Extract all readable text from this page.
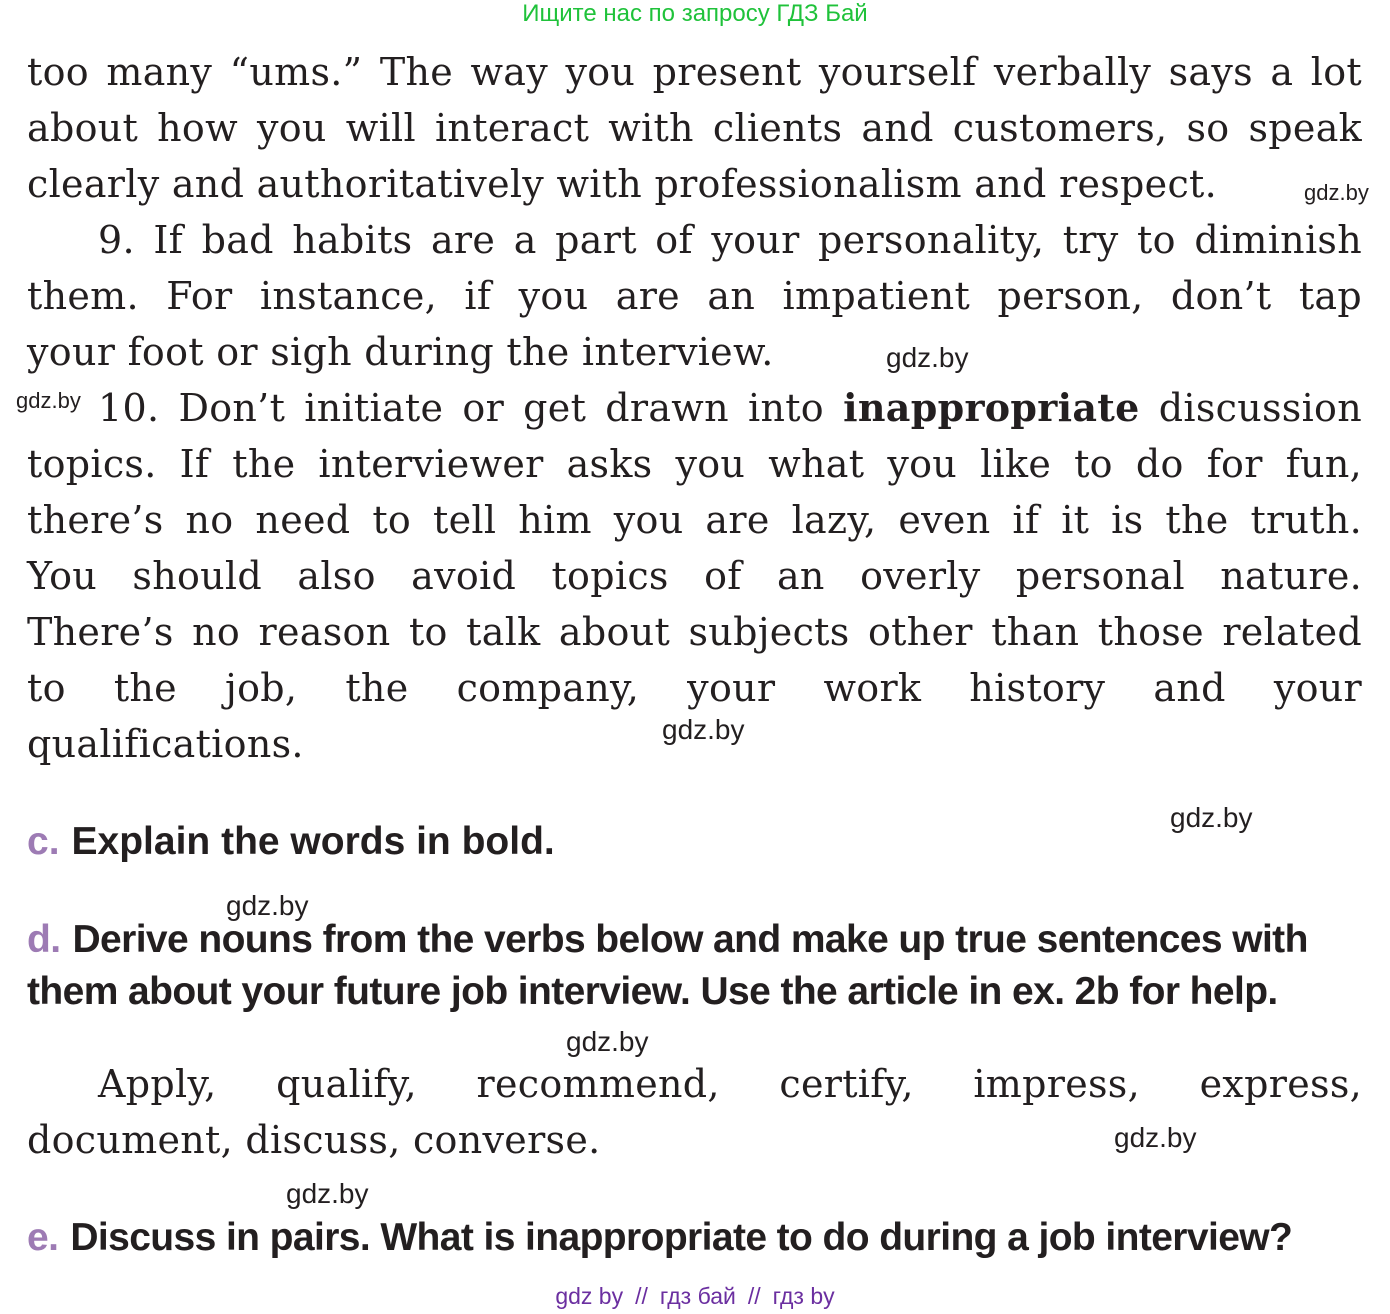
Ищите нас по запросу ГДЗ Бай
too many “ums.” The way you present yourself verbally says a lot
about how you will interact with clients and customers, so speak
clearly and authoritatively with professionalism and respect.	gdz.by
9. If bad habits are a part of your personality, try to diminish
them. For instance, if you are an impatient person, don’t tap
your foot or sigh during the interview.	gdz.by
gdz.by 10. Don’t initiate or get drawn into inappropriate discussion
topics. If the interviewer asks you what you like to do for fun,
there’s no need to tell him you are lazy, even if it is the truth.
You should also avoid topics of an overly personal nature.
There’s no reason to talk about subjects other than those related
to the job, the company, your work history and your
qualifications.	gdz.by
gdz.by
c. Explain the words in bold.
gdz.by
d. Derive nouns from the verbs below and make up true sentences with
them about your future job interview. Use the article in ex. 2b for help.
gdz.by
Apply, qualify, recommend, certify, impress, express,
document, discuss, converse.	gdz.by
gdz.by
e. Discuss in pairs. What is inappropriate to do during a job interview?
gdz by // гдз бай // гдз by
